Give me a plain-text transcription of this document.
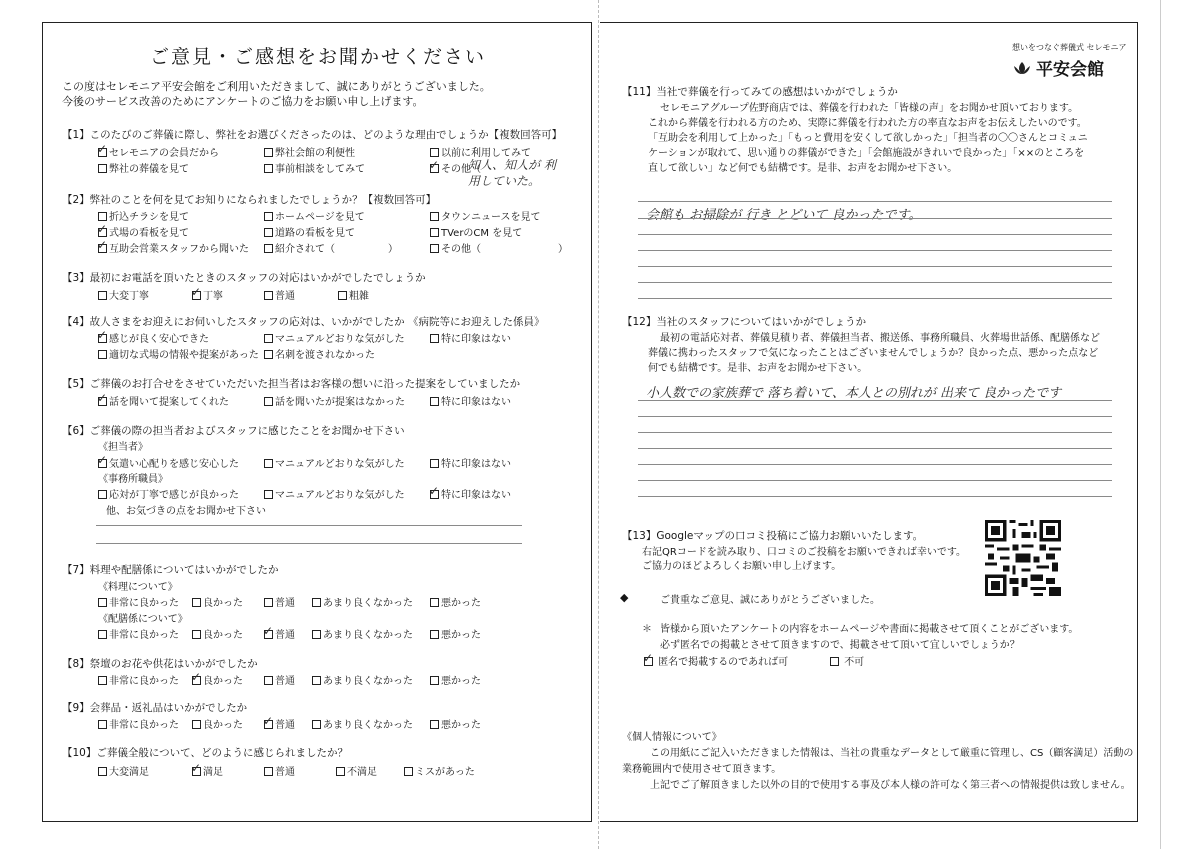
ご意見・ご感想をお聞かせください
この度はセレモニア平安会館をご利用いただきまして、誠にありがとうございました。
今後のサービス改善のためにアンケートのご協力をお願い申し上げます。
【1】このたびのご葬儀に際し、弊社をお選びくださったのは、どのような理由でしょうか【複数回答可】
✓セレモニアの会員だから	弊社会館の利便性	以前に利用してみて
弊社の葬儀を見て	事前相談をしてみて ✓	その他（
知人、知人が 利用していた。
【2】弊社のことを何を見てお知りになられましたでしょうか？【複数回答可】
折込チラシを見て	ホームページを見て	タウンニュースを見て
✓式場の看板を見て	道路の看板を見て	TVerのCM を見て
✓互助会営業スタッフから聞いた	紹介されて（	）	その他（	）
【3】最初にお電話を頂いたときのスタッフの対応はいかがでしたでしょうか
大変丁寧 ✓	丁寧	普通	粗雑
【4】故人さまをお迎えにお伺いしたスタッフの応対は、いかがでしたか 《病院等にお迎えした係員》
✓感じが良く安心できた	マニュアルどおりな気がした	特に印象はない
適切な式場の情報や提案があった	名刺を渡されなかった
【5】ご葬儀のお打合せをさせていただいた担当者はお客様の想いに沿った提案をしていましたか
✓話を聞いて提案してくれた	話を聞いたが提案はなかった	特に印象はない
【6】ご葬儀の際の担当者およびスタッフに感じたことをお聞かせ下さい
《担当者》
✓気遣い心配りを感じ安心した	マニュアルどおりな気がした	特に印象はない
《事務所職員》
応対が丁寧で感じが良かった	マニュアルどおりな気がした ✓	特に印象はない
他、お気づきの点をお聞かせ下さい
【7】料理や配膳係についてはいかがでしたか
《料理について》
非常に良かった	良かった	普通	あまり良くなかった	悪かった
《配膳係について》
非常に良かった	良かった ✓	普通	あまり良くなかった	悪かった
【8】祭壇のお花や供花はいかがでしたか
非常に良かった ✓	良かった	普通	あまり良くなかった	悪かった
【9】会葬品・返礼品はいかがでしたか
非常に良かった	良かった ✓	普通	あまり良くなかった	悪かった
【10】ご葬儀全般について、どのように感じられましたか？
大変満足 ✓	満足	普通	不満足	ミスがあった
想いをつなぐ葬儀式 セレモニア
平安会館
【11】当社で葬儀を行ってみての感想はいかがでしょうか
セレモニアグループ佐野商店では、葬儀を行われた「皆様の声」をお聞かせ頂いております。
これから葬儀を行われる方のため、実際に葬儀を行われた方の率直なお声をお伝えしたいのです。
「互助会を利用して上かった」「もっと費用を安くして欲しかった」「担当者の〇〇さんとコミュニ
ケーションが取れて、思い通りの葬儀ができた」「会館施設がきれいで良かった」「××のところを
直して欲しい」など何でも結構です。是非、お声をお聞かせ下さい。
会館も お掃除が 行き とどいて 良かったです。
【12】当社のスタッフについてはいかがでしょうか
最初の電話応対者、葬儀見積り者、葬儀担当者、搬送係、事務所職員、火葬場世話係、配膳係など
葬儀に携わったスタッフで気になったことはございませんでしょうか？良かった点、悪かった点など
何でも結構です。是非、お声をお聞かせ下さい。
小人数での家族葬で 落ち着いて、本人との別れが 出来て 良かったです
【13】Googleマップの口コミ投稿にご協力お願いいたします。
右記QRコードを読み取り、口コミのご投稿をお願いできれば幸いです。
ご協力のほどよろしくお願い申し上げます。
◆	ご貴重なご意見、誠にありがとうございました。
＊ 皆様から頂いたアンケートの内容をホームページや書面に掲載させて頂くことがございます。
必ず匿名での掲載とさせて頂きますので、掲載させて頂いて宜しいでしょうか？
✓ 匿名で掲載するのであれば可	不可
《個人情報について》
この用紙にご記入いただきました情報は、当社の貴重なデータとして厳重に管理し、CS（顧客満足）活動の
業務範囲内で使用させて頂きます。
上記でご了解頂きました以外の目的で使用する事及び本人様の許可なく第三者への情報提供は致しません。
